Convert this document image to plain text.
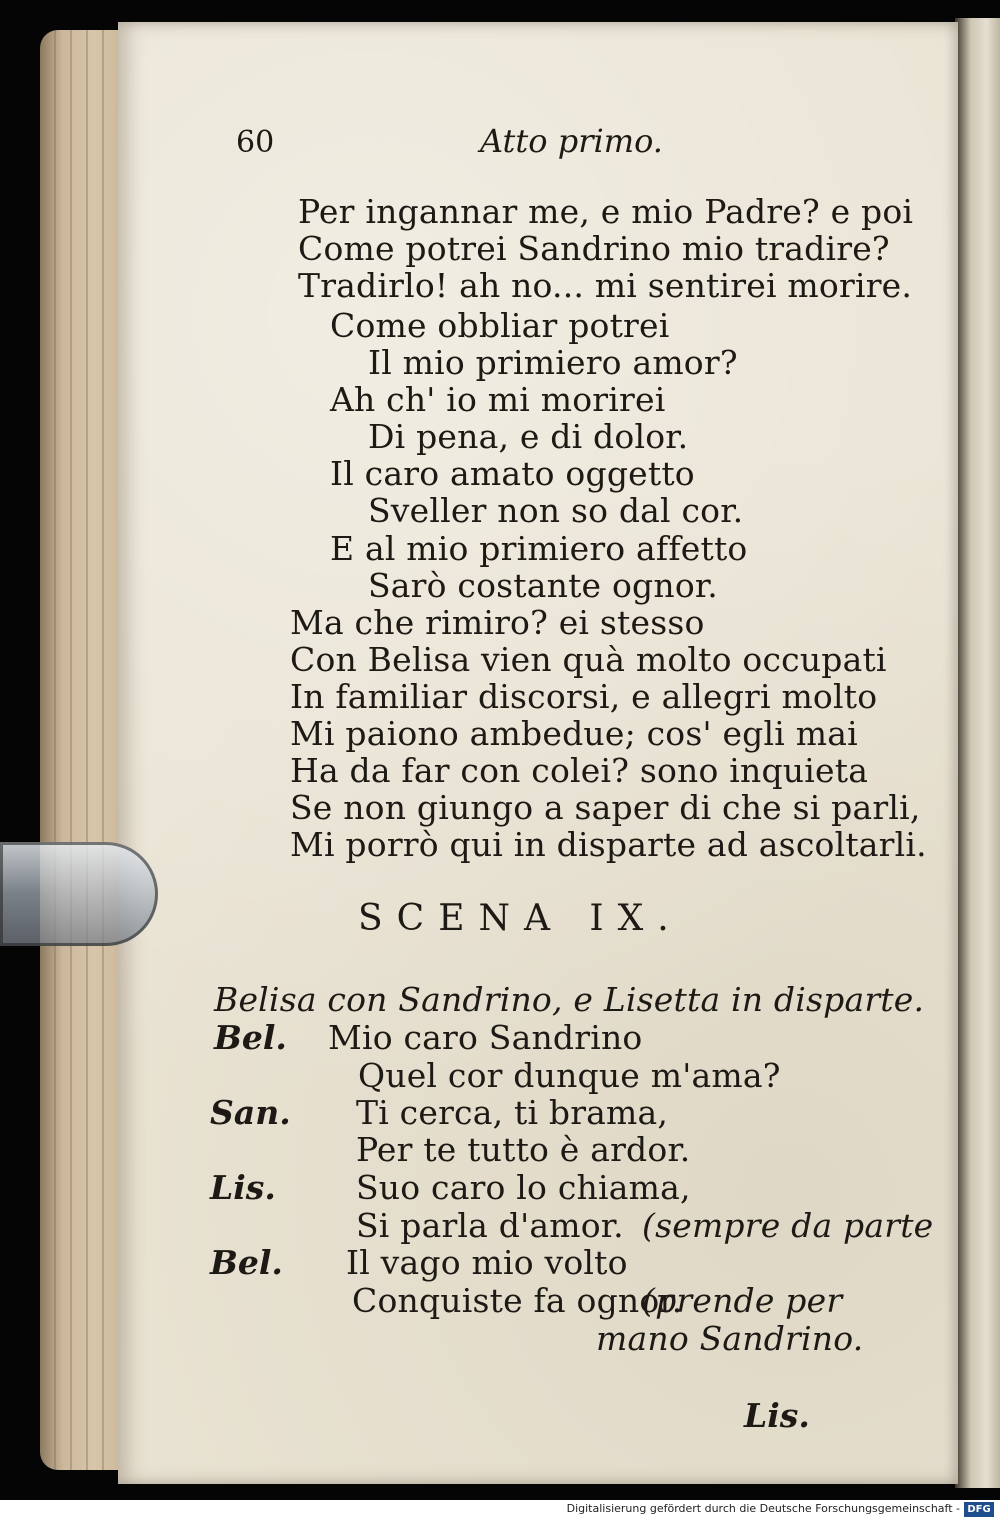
60	Atto primo.
Per ingannar me, e mio Padre? e poi
Come potrei Sandrino mio tradire?
Tradirlo! ah no... mi sentirei morire.
Come obbliar potrei
Il mio primiero amor?
Ah ch' io mi morirei
Di pena, e di dolor.
Il caro amato oggetto
Sveller non so dal cor.
E al mio primiero affetto
Sarò costante ognor.
Ma che rimiro? ei stesso
Con Belisa vien quà molto occupati
In familiar discorsi, e allegri molto
Mi paiono ambedue; cos' egli mai
Ha da far con colei? sono inquieta
Se non giungo a saper di che si parli,
Mi porrò qui in disparte ad ascoltarli.
SCENA IX.
Belisa con Sandrino, e Lisetta in disparte.
Bel. Mio caro Sandrino
Quel cor dunque m'ama?
San. Ti cerca, ti brama,
Per te tutto è ardor.
Lis. Suo caro lo chiama,
Si parla d'amor. (sempre da parte
Bel. Il vago mio volto
Conquiste fa ognor.
(prende per
mano Sandrino.
Lis.
Digitalisierung gefördert durch die Deutsche Forschungsgemeinschaft - DFG
